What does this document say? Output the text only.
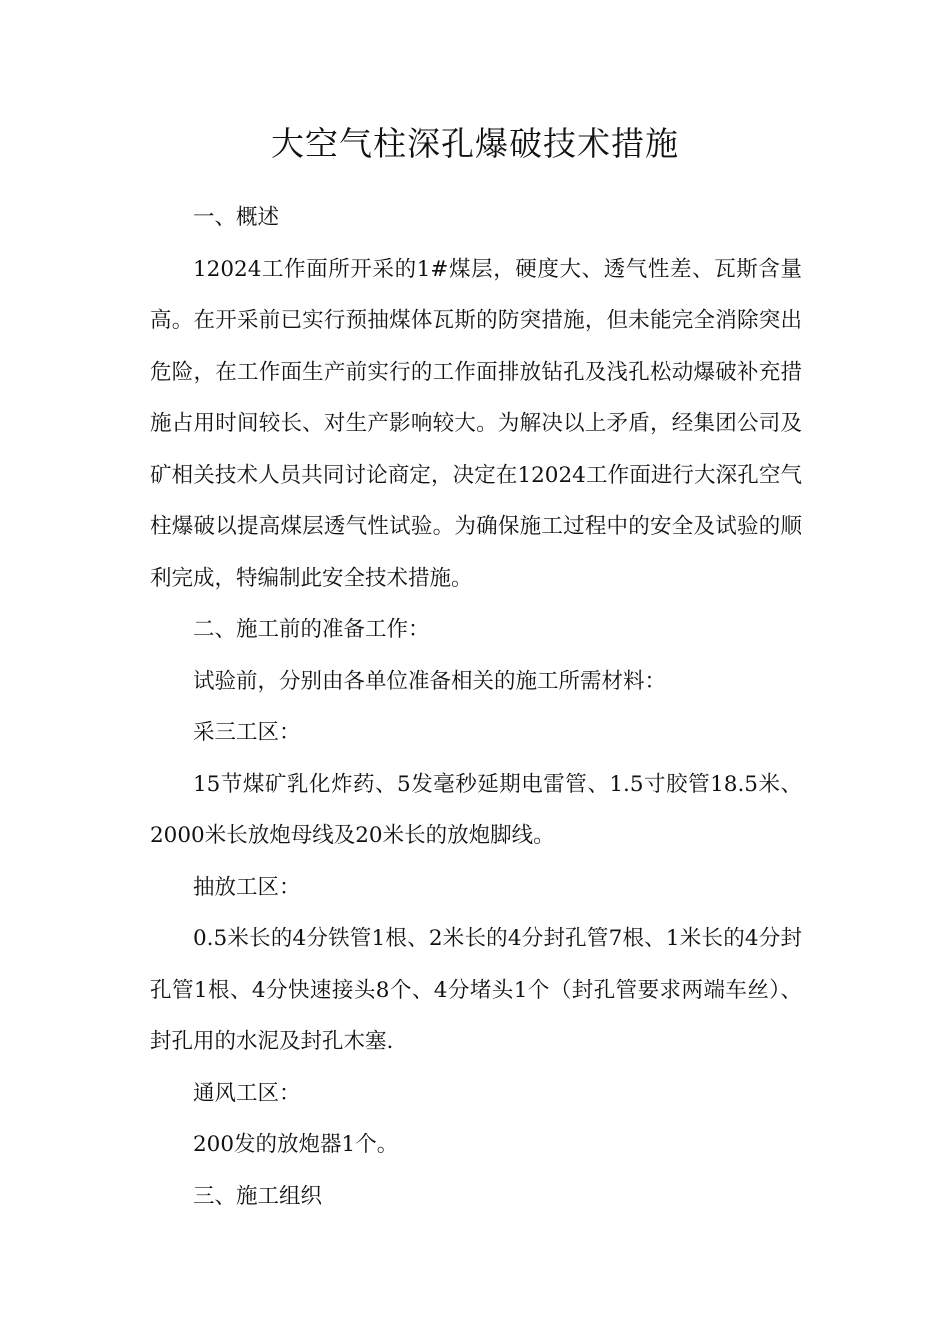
大空气柱深孔爆破技术措施

一、概述

12024工作面所开采的1#煤层，硬度大、透气性差、瓦斯含量高。在开采前已实行预抽煤体瓦斯的防突措施，但未能完全消除突出危险，在工作面生产前实行的工作面排放钻孔及浅孔松动爆破补充措施占用时间较长、对生产影响较大。为解决以上矛盾，经集团公司及矿相关技术人员共同讨论商定，决定在12024工作面进行大深孔空气柱爆破以提高煤层透气性试验。为确保施工过程中的安全及试验的顺利完成，特编制此安全技术措施。

二、施工前的准备工作：

试验前，分别由各单位准备相关的施工所需材料：

采三工区：

15节煤矿乳化炸药、5发毫秒延期电雷管、1.5寸胶管18.5米、2000米长放炮母线及20米长的放炮脚线。

抽放工区：

0.5米长的4分铁管1根、2米长的4分封孔管7根、1米长的4分封孔管1根、4分快速接头8个、4分堵头1个（封孔管要求两端车丝）、封孔用的水泥及封孔木塞.

通风工区：

200发的放炮器1个。

三、施工组织
